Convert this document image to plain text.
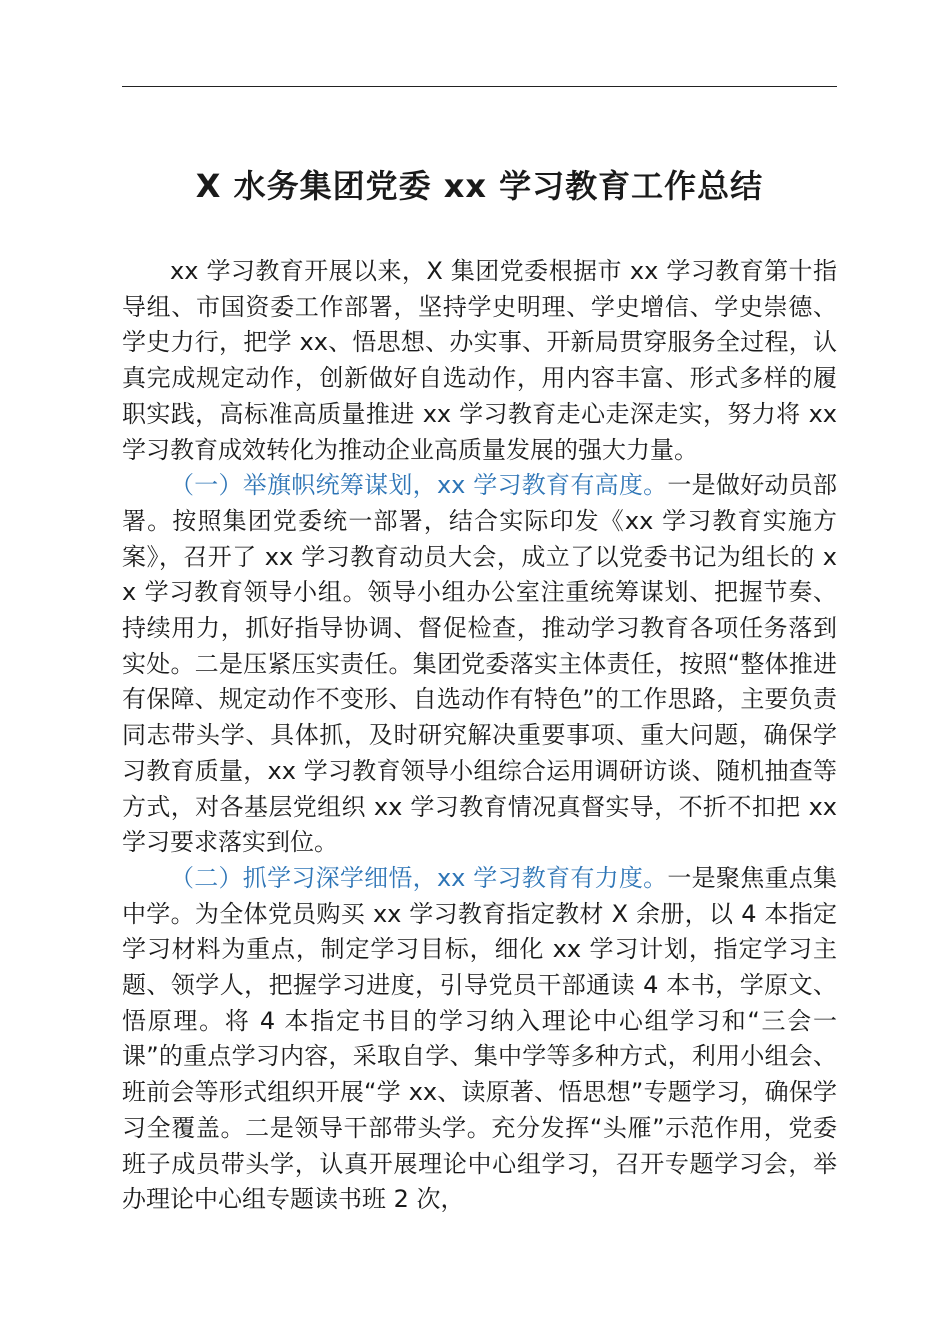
X 水务集团党委 xx 学习教育工作总结

xx 学习教育开展以来，X 集团党委根据市 xx 学习教育第十指导组、市国资委工作部署，坚持学史明理、学史增信、学史崇德、学史力行，把学 xx、悟思想、办实事、开新局贯穿服务全过程，认真完成规定动作，创新做好自选动作，用内容丰富、形式多样的履职实践，高标准高质量推进 xx 学习教育走心走深走实，努力将 xx 学习教育成效转化为推动企业高质量发展的强大力量。

（一）举旗帜统筹谋划，xx 学习教育有高度。一是做好动员部署。按照集团党委统一部署，结合实际印发《xx 学习教育实施方案》，召开了 xx 学习教育动员大会，成立了以党委书记为组长的 xx 学习教育领导小组。领导小组办公室注重统筹谋划、把握节奏、持续用力，抓好指导协调、督促检查，推动学习教育各项任务落到实处。二是压紧压实责任。集团党委落实主体责任，按照“整体推进有保障、规定动作不变形、自选动作有特色”的工作思路，主要负责同志带头学、具体抓，及时研究解决重要事项、重大问题，确保学习教育质量，xx 学习教育领导小组综合运用调研访谈、随机抽查等方式，对各基层党组织 xx 学习教育情况真督实导，不折不扣把 xx 学习要求落实到位。

（二）抓学习深学细悟，xx 学习教育有力度。一是聚焦重点集中学。为全体党员购买 xx 学习教育指定教材 X 余册，以 4 本指定学习材料为重点，制定学习目标，细化 xx 学习计划，指定学习主题、领学人，把握学习进度，引导党员干部通读 4 本书，学原文、悟原理。将 4 本指定书目的学习纳入理论中心组学习和“三会一课”的重点学习内容，采取自学、集中学等多种方式，利用小组会、班前会等形式组织开展“学 xx、读原著、悟思想”专题学习，确保学习全覆盖。二是领导干部带头学。充分发挥“头雁”示范作用，党委班子成员带头学，认真开展理论中心组学习，召开专题学习会，举办理论中心组专题读书班 2 次，
